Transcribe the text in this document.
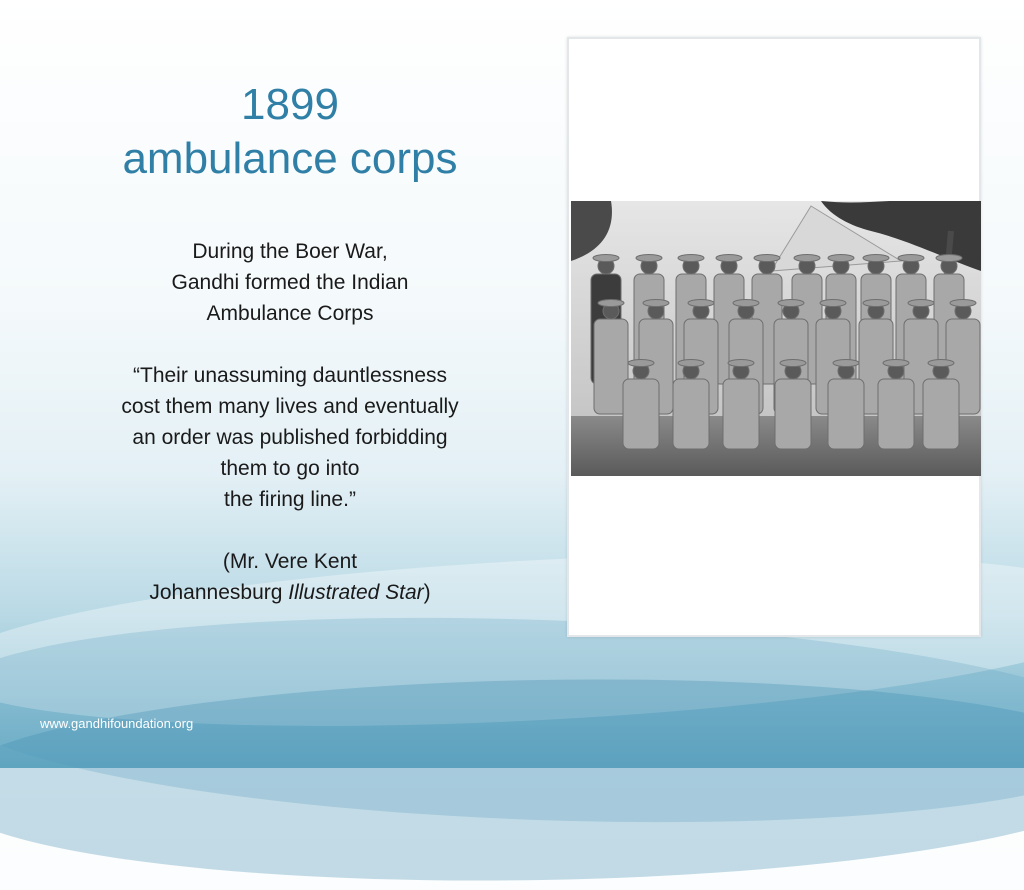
1899
ambulance corps
During the Boer War,
Gandhi formed the Indian
Ambulance Corps
“Their unassuming dauntlessness
cost them many lives and eventually
an order was published forbidding
them to go into
the firing line.”
(Mr. Vere Kent
Johannesburg Illustrated Star)
www.gandhifoundation.org
